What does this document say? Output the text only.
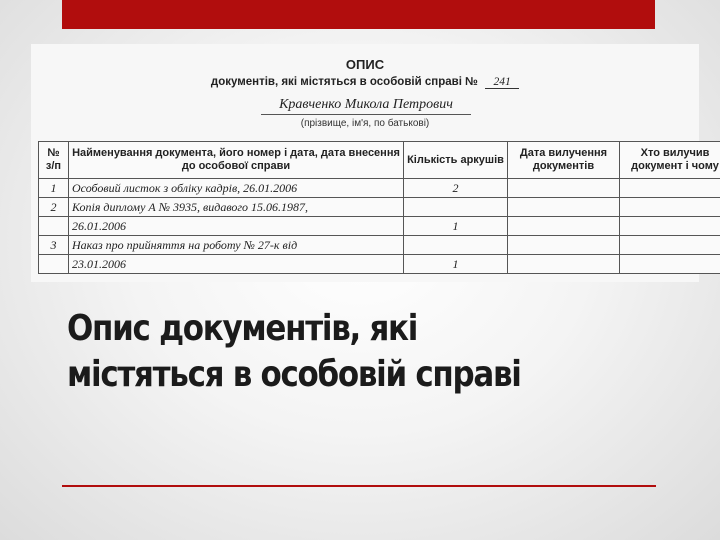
ОПИС
документів, які містяться в особовій справі № 241
Кравченко Микола Петрович
(прізвище, ім'я, по батькові)
№ з/п	Найменування документа, його номер і дата, дата внесення до особової справи	Кількість аркушів	Дата вилучення документів	Хто вилучив документ і чому
1	Особовий листок з обліку кадрів, 26.01.2006	2		
2	Копія диплому А № 3935, видавого 15.06.1987,			
	26.01.2006	1		
3	Наказ про прийняття на роботу № 27-к від			
	23.01.2006	1		
Опис документів, які містяться в особовій справі
